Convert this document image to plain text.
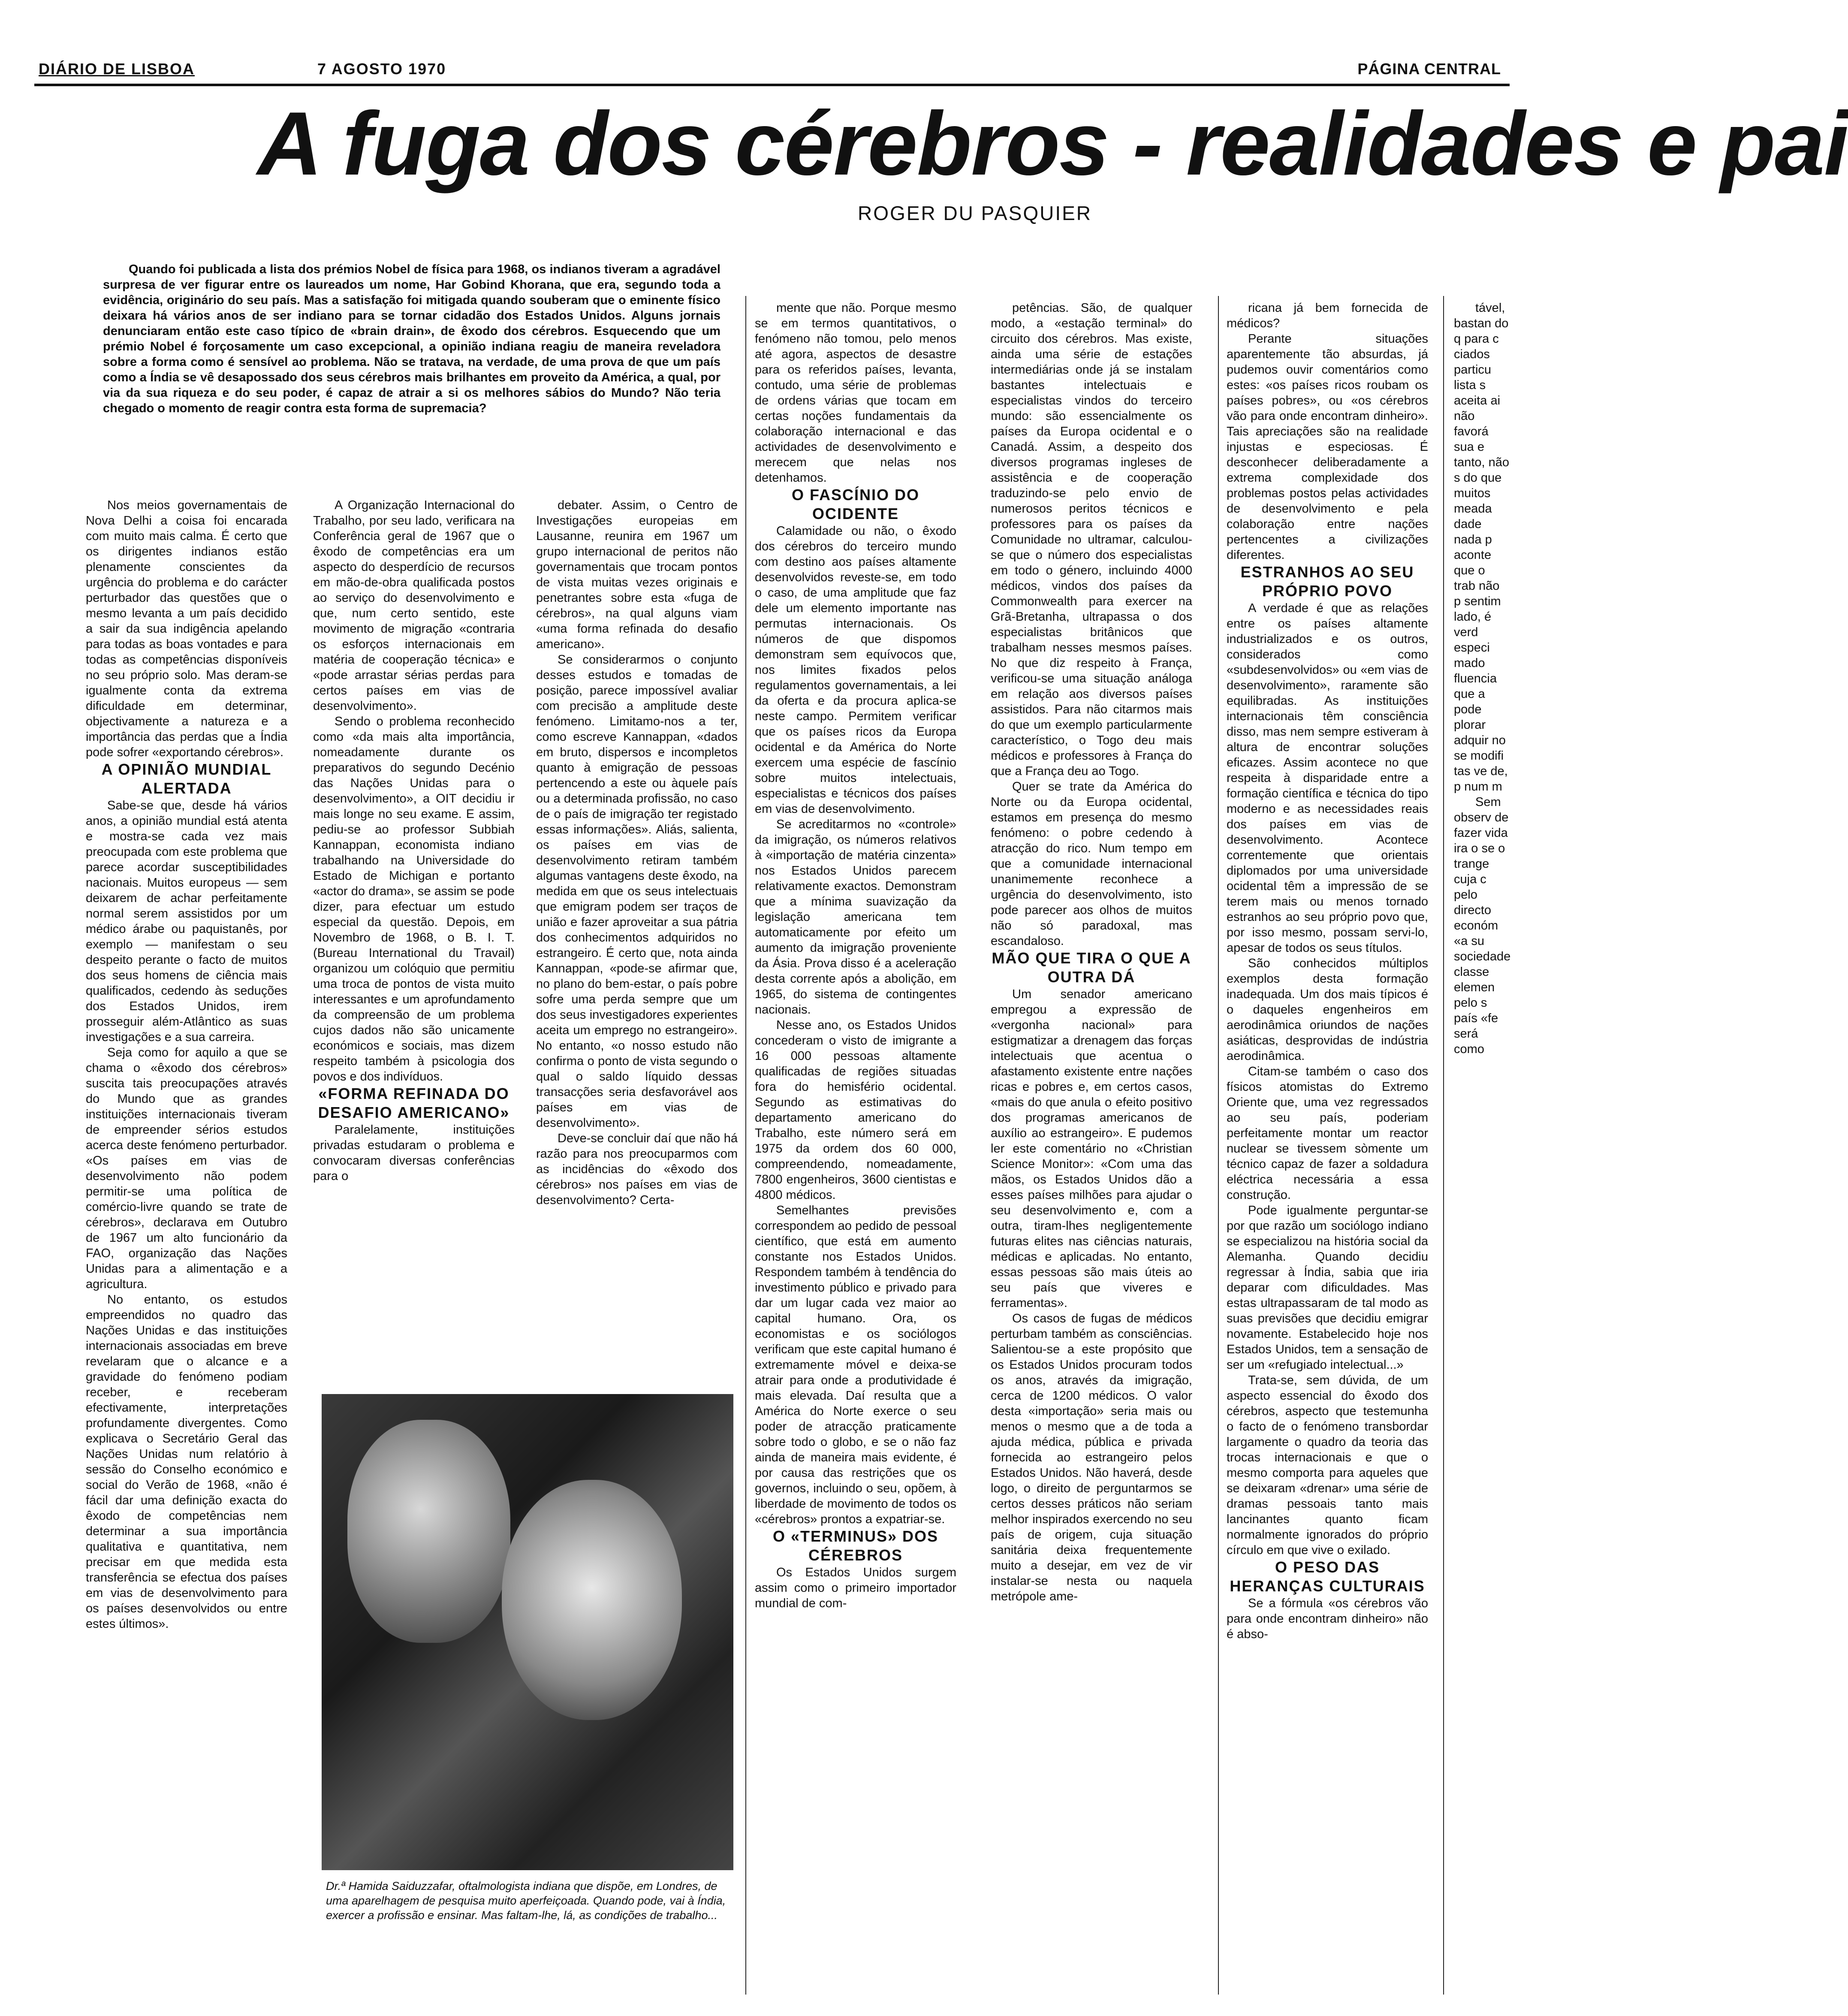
DIÁRIO DE LISBOA	7 AGOSTO 1970	PÁGINA CENTRAL
A fuga dos cérebros - realidades e pai
ROGER DU PASQUIER
Quando foi publicada a lista dos prémios Nobel de física para 1968, os indianos tiveram a agradável surpresa de ver figurar entre os laureados um nome, Har Gobind Khorana, que era, segundo toda a evidência, originário do seu país. Mas a satisfação foi mitigada quando souberam que o eminente físico deixara há vários anos de ser indiano para se tornar cidadão dos Estados Unidos. Alguns jornais denunciaram então este caso típico de «brain drain», de êxodo dos cérebros. Esquecendo que um prémio Nobel é forçosamente um caso excepcional, a opinião indiana reagiu de maneira reveladora sobre a forma como é sensível ao problema. Não se tratava, na verdade, de uma prova de que um país como a Índia se vê desapossado dos seus cérebros mais brilhantes em proveito da América, a qual, por via da sua riqueza e do seu poder, é capaz de atrair a si os melhores sábios do Mundo? Não teria chegado o momento de reagir contra esta forma de supremacia?

Nos meios governamentais de Nova Delhi a coisa foi encarada com muito mais calma. É certo que os dirigentes indianos estão plenamente conscientes da urgência do problema e do carácter perturbador das questões que o mesmo levanta a um país decidido a sair da sua indigência apelando para todas as boas vontades e para todas as competências disponíveis no seu próprio solo. Mas deram-se igualmente conta da extrema dificuldade em determinar, objectivamente a natureza e a importância das perdas que a Índia pode sofrer «exportando cérebros».

A OPINIÃO MUNDIAL ALERTADA

Sabe-se que, desde há vários anos, a opinião mundial está atenta e mostra-se cada vez mais preocupada com este problema que parece acordar susceptibilidades nacionais. Muitos europeus — sem deixarem de achar perfeitamente normal serem assistidos por um médico árabe ou paquistanês, por exemplo — manifestam o seu despeito perante o facto de muitos dos seus homens de ciência mais qualificados, cedendo às seduções dos Estados Unidos, irem prosseguir além-Atlântico as suas investigações e a sua carreira.

Seja como for aquilo a que se chama o «êxodo dos cérebros» suscita tais preocupações através do Mundo que as grandes instituições internacionais tiveram de empreender sérios estudos acerca deste fenómeno perturbador. «Os países em vias de desenvolvimento não podem permitir-se uma política de comércio-livre quando se trate de cérebros», declarava em Outubro de 1967 um alto funcionário da FAO, organização das Nações Unidas para a alimentação e a agricultura.

No entanto, os estudos empreendidos no quadro das Nações Unidas e das instituições internacionais associadas em breve revelaram que o alcance e a gravidade do fenómeno podiam receber, e receberam efectivamente, interpretações profundamente divergentes. Como explicava o Secretário Geral das Nações Unidas num relatório à sessão do Conselho económico e social do Verão de 1968, «não é fácil dar uma definição exacta do êxodo de competências nem determinar a sua importância qualitativa e quantitativa, nem precisar em que medida esta transferência se efectua dos países em vias de desenvolvimento para os países desenvolvidos ou entre estes últimos».

A Organização Internacional do Trabalho, por seu lado, verificara na Conferência geral de 1967 que o êxodo de competências era um aspecto do desperdício de recursos em mão-de-obra qualificada postos ao serviço do desenvolvimento e que, num certo sentido, este movimento de migração «contraria os esforços internacionais em matéria de cooperação técnica» e «pode arrastar sérias perdas para certos países em vias de desenvolvimento».

Sendo o problema reconhecido como «da mais alta importância, nomeadamente durante os preparativos do segundo Decénio das Nações Unidas para o desenvolvimento», a OIT decidiu ir mais longe no seu exame. E assim, pediu-se ao professor Subbiah Kannappan, economista indiano trabalhando na Universidade do Estado de Michigan e portanto «actor do drama», se assim se pode dizer, para efectuar um estudo especial da questão. Depois, em Novembro de 1968, o B. I. T. (Bureau International du Travail) organizou um colóquio que permitiu uma troca de pontos de vista muito interessantes e um aprofundamento da compreensão de um problema cujos dados não são unicamente económicos e sociais, mas dizem respeito também à psicologia dos povos e dos indivíduos.

«FORMA REFINADA DO DESAFIO AMERICANO»

Paralelamente, instituições privadas estudaram o problema e convocaram diversas conferências para o

debater. Assim, o Centro de Investigações europeias em Lausanne, reunira em 1967 um grupo internacional de peritos não governamentais que trocam pontos de vista muitas vezes originais e penetrantes sobre esta «fuga de cérebros», na qual alguns viam «uma forma refinada do desafio americano».

Se considerarmos o conjunto desses estudos e tomadas de posição, parece impossível avaliar com precisão a amplitude deste fenómeno. Limitamo-nos a ter, como escreve Kannappan, «dados em bruto, dispersos e incompletos quanto à emigração de pessoas pertencendo a este ou àquele país ou a determinada profissão, no caso de o país de imigração ter registado essas informações». Aliás, salienta, os países em vias de desenvolvimento retiram também algumas vantagens deste êxodo, na medida em que os seus intelectuais que emigram podem ser traços de união e fazer aproveitar a sua pátria dos conhecimentos adquiridos no estrangeiro. É certo que, nota ainda Kannappan, «pode-se afirmar que, no plano do bem-estar, o país pobre sofre uma perda sempre que um dos seus investigadores experientes aceita um emprego no estrangeiro». No entanto, «o nosso estudo não confirma o ponto de vista segundo o qual o saldo líquido dessas transacções seria desfavorável aos países em vias de desenvolvimento».

Deve-se concluir daí que não há razão para nos preocuparmos com as incidências do «êxodo dos cérebros» nos países em vias de desenvolvimento? Certa-

Dr.ª Hamida Saiduzzafar, oftalmologista indiana que dispõe, em Londres, de uma aparelhagem de pesquisa muito aperfeiçoada. Quando pode, vai à Índia, exercer a profissão e ensinar. Mas faltam-lhe, lá, as condições de trabalho...

mente que não. Porque mesmo se em termos quantitativos, o fenómeno não tomou, pelo menos até agora, aspectos de desastre para os referidos países, levanta, contudo, uma série de problemas de ordens várias que tocam em certas noções fundamentais da colaboração internacional e das actividades de desenvolvimento e merecem que nelas nos detenhamos.

O FASCÍNIO DO OCIDENTE

Calamidade ou não, o êxodo dos cérebros do terceiro mundo com destino aos países altamente desenvolvidos reveste-se, em todo o caso, de uma amplitude que faz dele um elemento importante nas permutas internacionais. Os números de que dispomos demonstram sem equívocos que, nos limites fixados pelos regulamentos governamentais, a lei da oferta e da procura aplica-se neste campo. Permitem verificar que os países ricos da Europa ocidental e da América do Norte exercem uma espécie de fascínio sobre muitos intelectuais, especialistas e técnicos dos países em vias de desenvolvimento.

Se acreditarmos no «controle» da imigração, os números relativos à «importação de matéria cinzenta» nos Estados Unidos parecem relativamente exactos. Demonstram que a mínima suavização da legislação americana tem automaticamente por efeito um aumento da imigração proveniente da Ásia. Prova disso é a aceleração desta corrente após a abolição, em 1965, do sistema de contingentes nacionais.

Nesse ano, os Estados Unidos concederam o visto de imigrante a 16 000 pessoas altamente qualificadas de regiões situadas fora do hemisfério ocidental. Segundo as estimativas do departamento americano do Trabalho, este número será em 1975 da ordem dos 60 000, compreendendo, nomeadamente, 7800 engenheiros, 3600 cientistas e 4800 médicos.

Semelhantes previsões correspondem ao pedido de pessoal científico, que está em aumento constante nos Estados Unidos. Respondem também à tendência do investimento público e privado para dar um lugar cada vez maior ao capital humano. Ora, os economistas e os sociólogos verificam que este capital humano é extremamente móvel e deixa-se atrair para onde a produtividade é mais elevada. Daí resulta que a América do Norte exerce o seu poder de atracção praticamente sobre todo o globo, e se o não faz ainda de maneira mais evidente, é por causa das restrições que os governos, incluindo o seu, opõem, à liberdade de movimento de todos os «cérebros» prontos a expatriar-se.

O «TERMINUS» DOS CÉREBROS

Os Estados Unidos surgem assim como o primeiro importador mundial de com-

petências. São, de qualquer modo, a «estação terminal» do circuito dos cérebros. Mas existe, ainda uma série de estações intermediárias onde já se instalam bastantes intelectuais e especialistas vindos do terceiro mundo: são essencialmente os países da Europa ocidental e o Canadá. Assim, a despeito dos diversos programas ingleses de assistência e de cooperação traduzindo-se pelo envio de numerosos peritos técnicos e professores para os países da Comunidade no ultramar, calculou-se que o número dos especialistas em todo o género, incluindo 4000 médicos, vindos dos países da Commonwealth para exercer na Grã-Bretanha, ultrapassa o dos especialistas britânicos que trabalham nesses mesmos países. No que diz respeito à França, verificou-se uma situação análoga em relação aos diversos países assistidos. Para não citarmos mais do que um exemplo particularmente característico, o Togo deu mais médicos e professores à França do que a França deu ao Togo.

Quer se trate da América do Norte ou da Europa ocidental, estamos em presença do mesmo fenómeno: o pobre cedendo à atracção do rico. Num tempo em que a comunidade internacional unanimemente reconhece a urgência do desenvolvimento, isto pode parecer aos olhos de muitos não só paradoxal, mas escandaloso.

MÃO QUE TIRA O QUE A OUTRA DÁ

Um senador americano empregou a expressão de «vergonha nacional» para estigmatizar a drenagem das forças intelectuais que acentua o afastamento existente entre nações ricas e pobres e, em certos casos, «mais do que anula o efeito positivo dos programas americanos de auxílio ao estrangeiro». E pudemos ler este comentário no «Christian Science Monitor»: «Com uma das mãos, os Estados Unidos dão a esses países milhões para ajudar o seu desenvolvimento e, com a outra, tiram-lhes negligentemente futuras elites nas ciências naturais, médicas e aplicadas. No entanto, essas pessoas são mais úteis ao seu país que viveres e ferramentas».

Os casos de fugas de médicos perturbam também as consciências. Salientou-se a este propósito que os Estados Unidos procuram todos os anos, através da imigração, cerca de 1200 médicos. O valor desta «importação» seria mais ou menos o mesmo que a de toda a ajuda médica, pública e privada fornecida ao estrangeiro pelos Estados Unidos. Não haverá, desde logo, o direito de perguntarmos se certos desses práticos não seriam melhor inspirados exercendo no seu país de origem, cuja situação sanitária deixa frequentemente muito a desejar, em vez de vir instalar-se nesta ou naquela metrópole ame-

ricana já bem fornecida de médicos?

Perante situações aparentemente tão absurdas, já pudemos ouvir comentários como estes: «os países ricos roubam os países pobres», ou «os cérebros vão para onde encontram dinheiro». Tais apreciações são na realidade injustas e especiosas. É desconhecer deliberadamente a extrema complexidade dos problemas postos pelas actividades de desenvolvimento e pela colaboração entre nações pertencentes a civilizações diferentes.

ESTRANHOS AO SEU PRÓPRIO POVO

A verdade é que as relações entre os países altamente industrializados e os outros, considerados como «subdesenvolvidos» ou «em vias de desenvolvimento», raramente são equilibradas. As instituições internacionais têm consciência disso, mas nem sempre estiveram à altura de encontrar soluções eficazes. Assim acontece no que respeita à disparidade entre a formação científica e técnica do tipo moderno e as necessidades reais dos países em vias de desenvolvimento. Acontece correntemente que orientais diplomados por uma universidade ocidental têm a impressão de se terem mais ou menos tornado estranhos ao seu próprio povo que, por isso mesmo, possam servi-lo, apesar de todos os seus títulos.

São conhecidos múltiplos exemplos desta formação inadequada. Um dos mais típicos é o daqueles engenheiros em aerodinâmica oriundos de nações asiáticas, desprovidas de indústria aerodinâmica.

Citam-se também o caso dos físicos atomistas do Extremo Oriente que, uma vez regressados ao seu país, poderiam perfeitamente montar um reactor nuclear se tivessem sòmente um técnico capaz de fazer a soldadura eléctrica necessária a essa construção.

Pode igualmente perguntar-se por que razão um sociólogo indiano se especializou na história social da Alemanha. Quando decidiu regressar à Índia, sabia que iria deparar com dificuldades. Mas estas ultrapassaram de tal modo as suas previsões que decidiu emigrar novamente. Estabelecido hoje nos Estados Unidos, tem a sensação de ser um «refugiado intelectual...»

Trata-se, sem dúvida, de um aspecto essencial do êxodo dos cérebros, aspecto que testemunha o facto de o fenómeno transbordar largamente o quadro da teoria das trocas internacionais e que o mesmo comporta para aqueles que se deixaram «drenar» uma série de dramas pessoais tanto mais lancinantes quanto ficam normalmente ignorados do próprio círculo em que vive o exilado.

O PESO DAS HERANÇAS CULTURAIS

Se a fórmula «os cérebros vão para onde encontram dinheiro» não é abso-

tável, bastan do q para c ciados particu lista s aceita ai não favorá sua e tanto, não s do que muitos meada dade nada p aconte que o trab não p sentim lado, é verd especi mado fluencia que a pode plorar adquir no se modifi tas ve de, p num m

Sem observ de fazer vida ira o se o trange cuja c pelo directo económ «a su sociedade classe elemen pelo s país «fe será como
